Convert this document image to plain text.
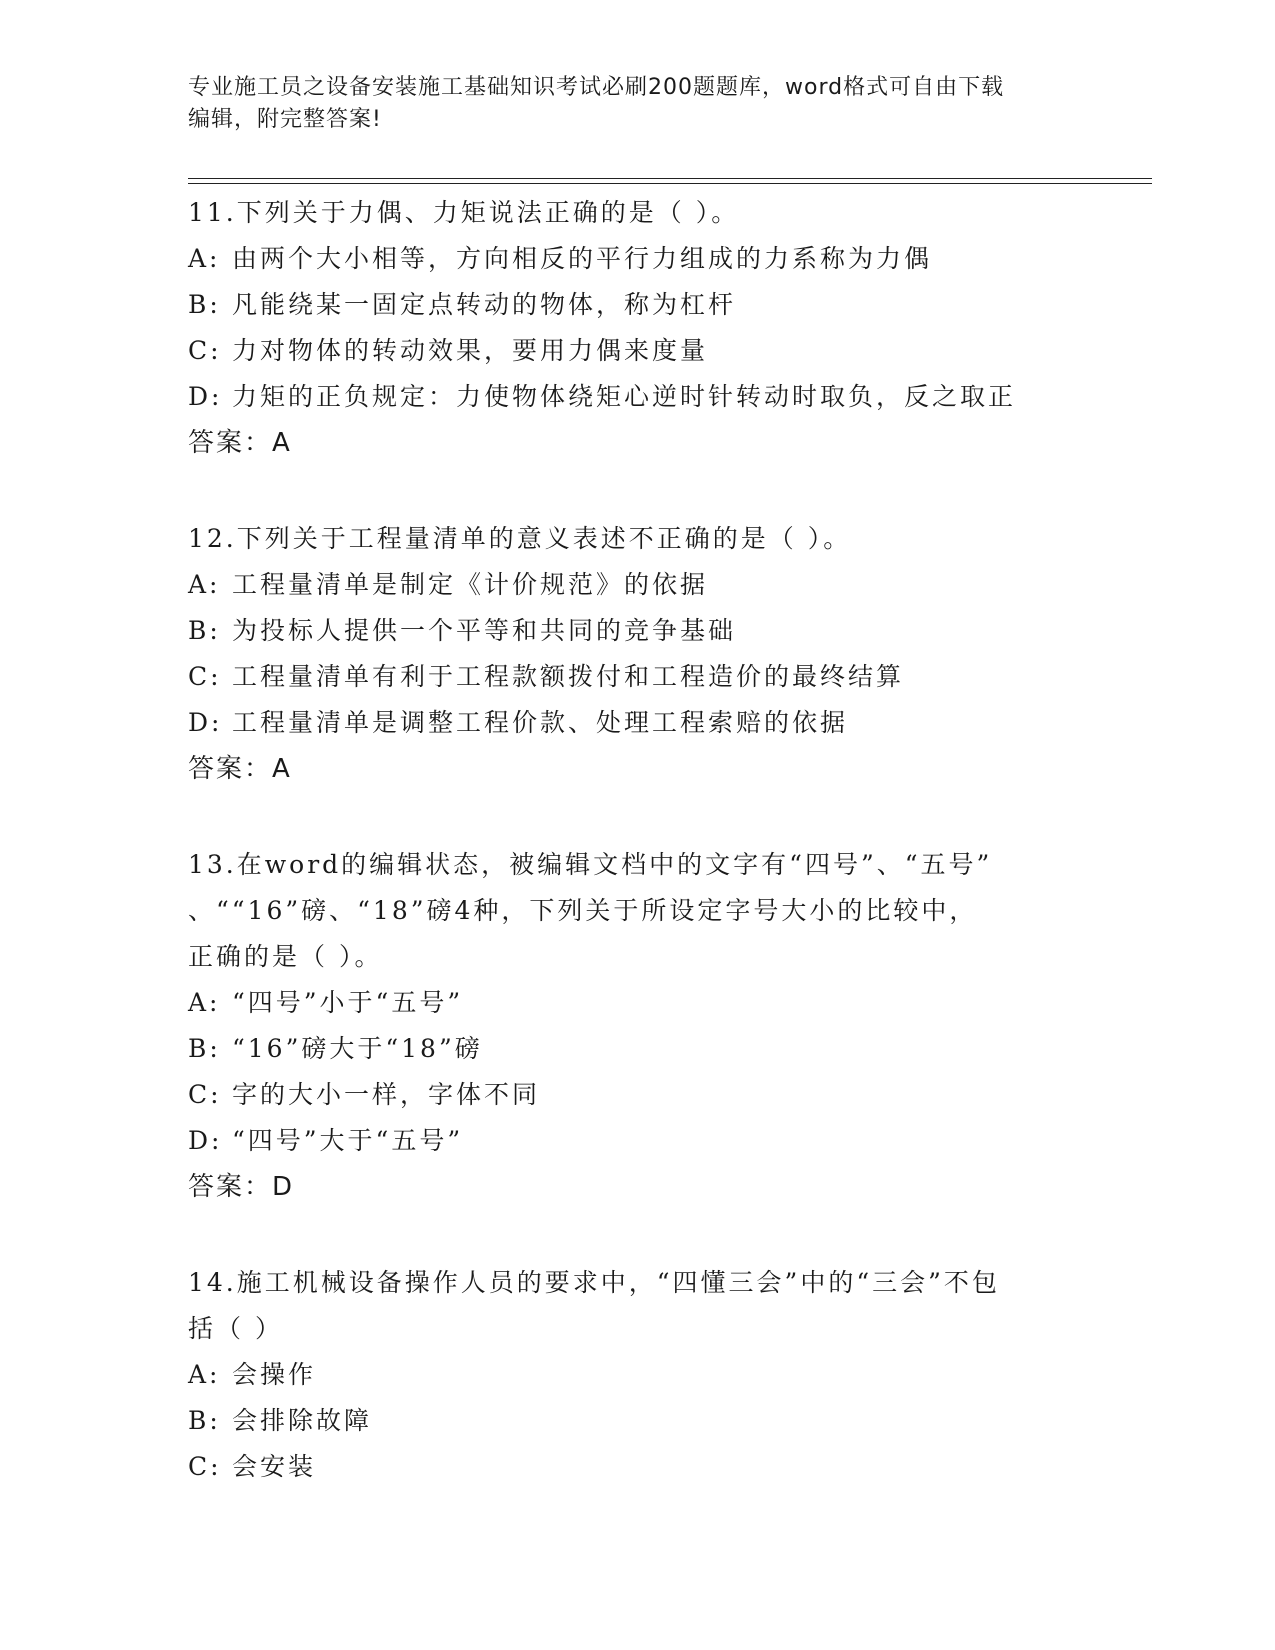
专业施工员之设备安装施工基础知识考试必刷200题题库，word格式可自由下载
编辑，附完整答案!
11.下列关于力偶、力矩说法正确的是（ ）。
A: 由两个大小相等，方向相反的平行力组成的力系称为力偶
B: 凡能绕某一固定点转动的物体，称为杠杆
C: 力对物体的转动效果，要用力偶来度量
D: 力矩的正负规定：力使物体绕矩心逆时针转动时取负，反之取正
答案：A
12.下列关于工程量清单的意义表述不正确的是（ ）。
A: 工程量清单是制定《计价规范》的依据
B: 为投标人提供一个平等和共同的竞争基础
C: 工程量清单有利于工程款额拨付和工程造价的最终结算
D: 工程量清单是调整工程价款、处理工程索赔的依据
答案：A
13.在word的编辑状态，被编辑文档中的文字有“四号”、“五号”
、““16”磅、“18”磅4种，下列关于所设定字号大小的比较中，
正确的是（ ）。
A: “四号”小于“五号”
B: “16”磅大于“18”磅
C: 字的大小一样，字体不同
D: “四号”大于“五号”
答案：D
14.施工机械设备操作人员的要求中，“四懂三会”中的“三会”不包
括（ ）
A: 会操作
B: 会排除故障
C: 会安装
